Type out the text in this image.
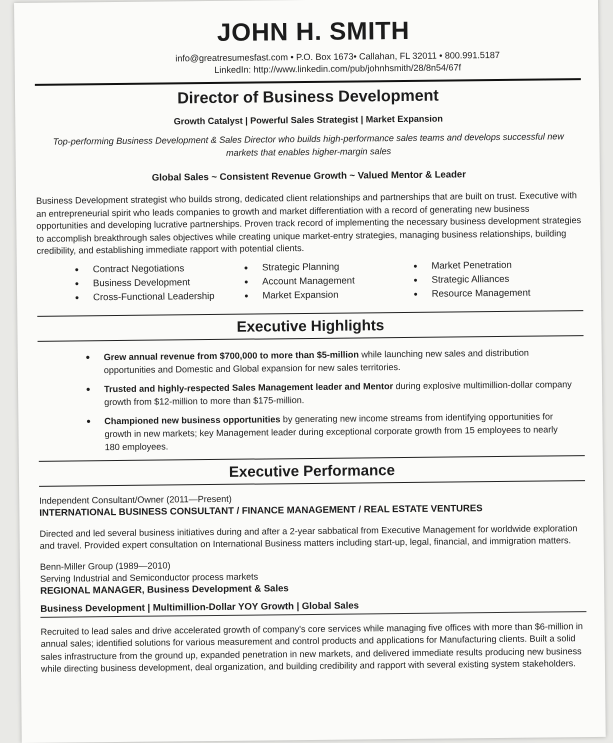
JOHN H. SMITH
info@greatresumesfast.com • P.O. Box 1673• Callahan, FL 32011 • 800.991.5187
LinkedIn: http://www.linkedin.com/pub/johnhsmith/28/8n54/67f
Director of Business Development
Growth Catalyst | Powerful Sales Strategist | Market Expansion
Top-performing Business Development & Sales Director who builds high-performance sales teams and develops successful new markets that enables higher-margin sales
Global Sales ~ Consistent Revenue Growth ~ Valued Mentor & Leader
Business Development strategist who builds strong, dedicated client relationships and partnerships that are built on trust. Executive with an entrepreneurial spirit who leads companies to growth and market differentiation with a record of generating new business opportunities and developing lucrative partnerships. Proven track record of implementing the necessary business development strategies to accomplish breakthrough sales objectives while creating unique market-entry strategies, managing business relationships, building credibility, and establishing immediate rapport with potential clients.
• Contract Negotiations
• Business Development
• Cross-Functional Leadership
• Strategic Planning
• Account Management
• Market Expansion
• Market Penetration
• Strategic Alliances
• Resource Management
Executive Highlights
• Grew annual revenue from $700,000 to more than $5-million while launching new sales and distribution opportunities and Domestic and Global expansion for new sales territories.
• Trusted and highly-respected Sales Management leader and Mentor during explosive multimillion-dollar company growth from $12-million to more than $175-million.
• Championed new business opportunities by generating new income streams from identifying opportunities for growth in new markets; key Management leader during exceptional corporate growth from 15 employees to nearly 180 employees.
Executive Performance
Independent Consultant/Owner (2011—Present)
INTERNATIONAL BUSINESS CONSULTANT / FINANCE MANAGEMENT / REAL ESTATE VENTURES
Directed and led several business initiatives during and after a 2-year sabbatical from Executive Management for worldwide exploration and travel. Provided expert consultation on International Business matters including start-up, legal, financial, and immigration matters.
Benn-Miller Group (1989—2010)
Serving Industrial and Semiconductor process markets
REGIONAL MANAGER, Business Development & Sales
Business Development | Multimillion-Dollar YOY Growth | Global Sales
Recruited to lead sales and drive accelerated growth of company's core services while managing five offices with more than $6-million in annual sales; identified solutions for various measurement and control products and applications for Manufacturing clients. Built a solid sales infrastructure from the ground up, expanded penetration in new markets, and delivered immediate results producing new business while directing business development, deal organization, and building credibility and rapport with several existing system stakeholders.
